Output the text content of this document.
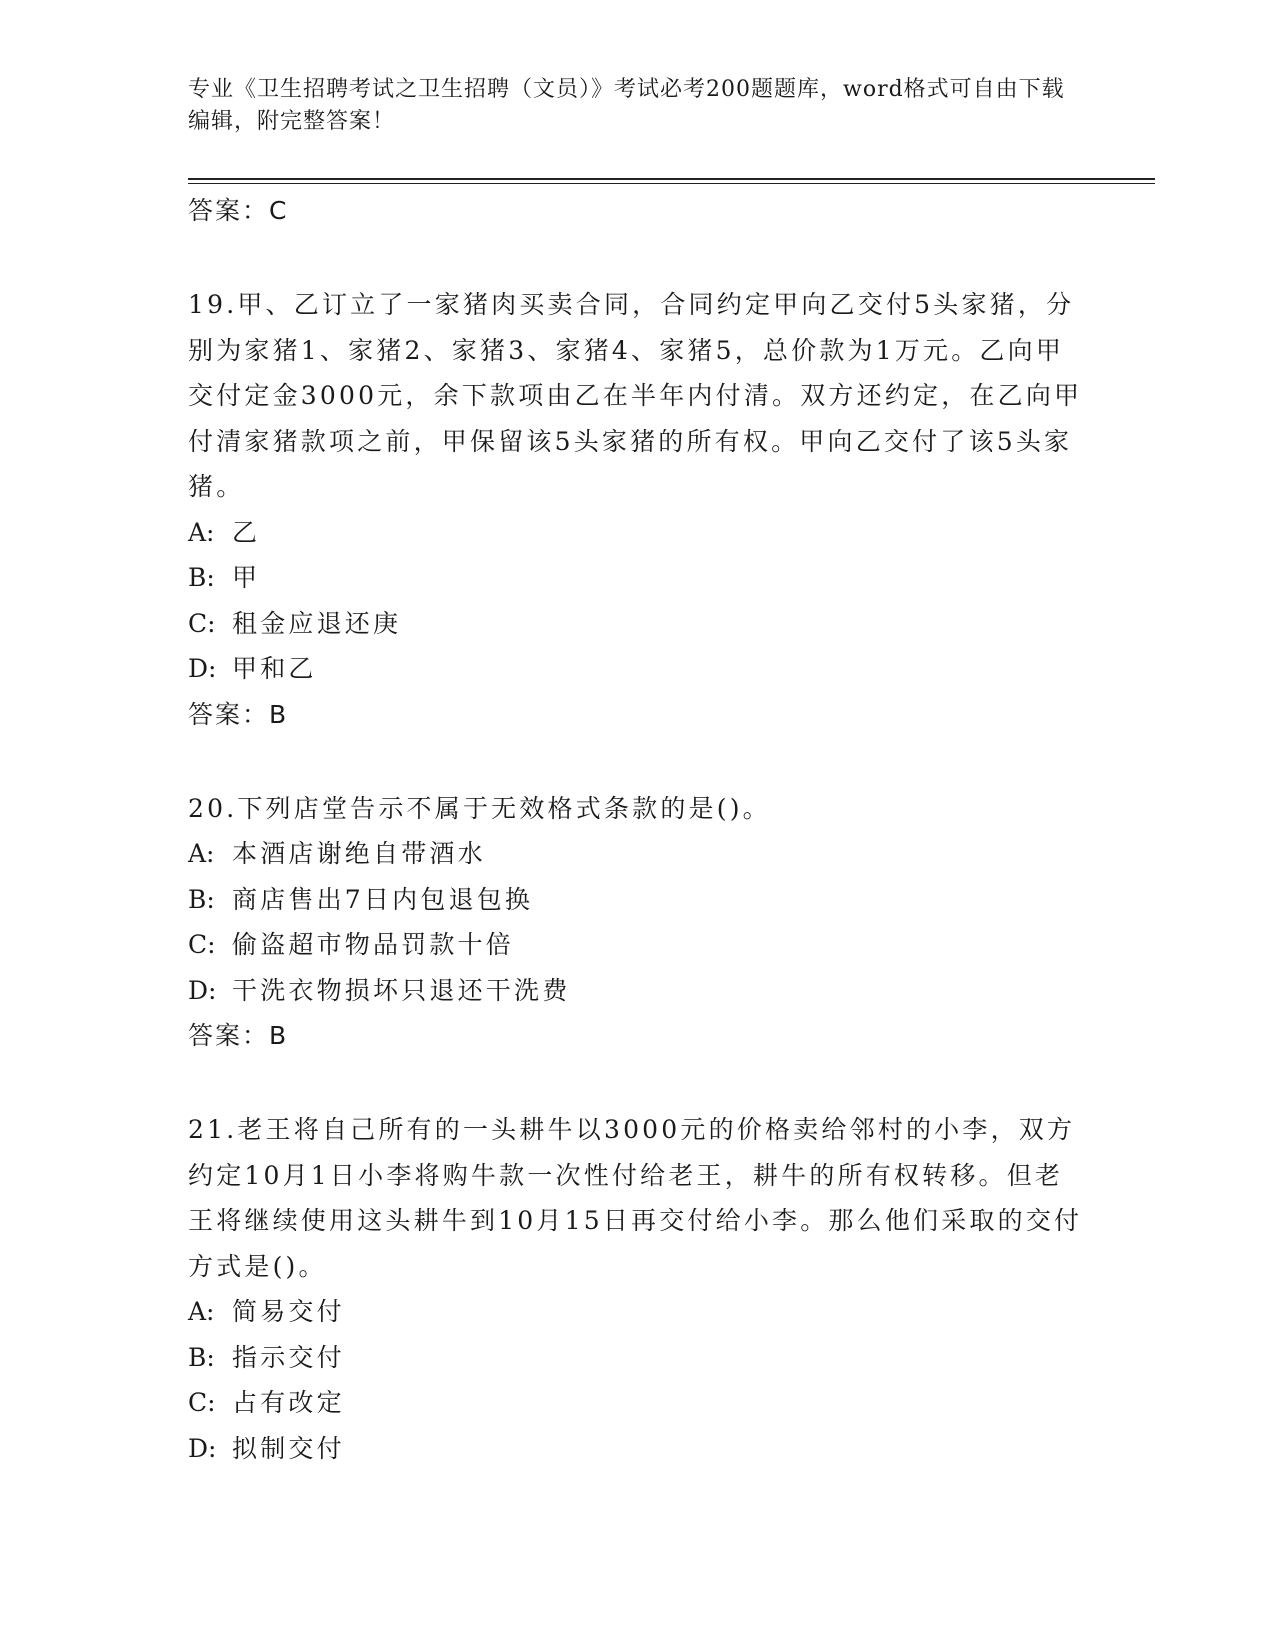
专业《卫生招聘考试之卫生招聘（文员）》考试必考200题题库，word格式可自由下载编辑，附完整答案！
答案：C
19.甲、乙订立了一家猪肉买卖合同，合同约定甲向乙交付5头家猪，分别为家猪1、家猪2、家猪3、家猪4、家猪5，总价款为1万元。乙向甲交付定金3000元，余下款项由乙在半年内付清。双方还约定，在乙向甲付清家猪款项之前，甲保留该5头家猪的所有权。甲向乙交付了该5头家猪。
A: 乙
B: 甲
C: 租金应退还庚
D: 甲和乙
答案：B
20.下列店堂告示不属于无效格式条款的是()。
A: 本酒店谢绝自带酒水
B: 商店售出7日内包退包换
C: 偷盗超市物品罚款十倍
D: 干洗衣物损坏只退还干洗费
答案：B
21.老王将自己所有的一头耕牛以3000元的价格卖给邻村的小李，双方约定10月1日小李将购牛款一次性付给老王，耕牛的所有权转移。但老王将继续使用这头耕牛到10月15日再交付给小李。那么他们采取的交付方式是()。
A: 简易交付
B: 指示交付
C: 占有改定
D: 拟制交付
